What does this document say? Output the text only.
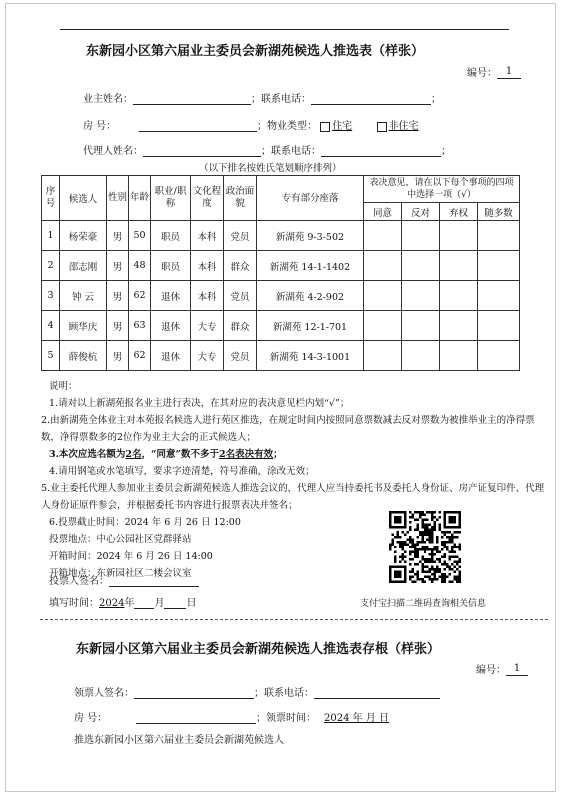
东新园小区第六届业主委员会新湖苑候选人推选表（样张）
编号： 1
业主姓名：	；联系电话：	；
房 号：	；物业类型： 住宅	非住宅
代理人姓名：	；联系电话：	；
（以下排名按姓氏笔划顺序排列）
序号	候选人	性别	年龄	职业/职称	文化程度	政治面貌	专有部分座落	表决意见，请在以下每个事项的四项中选择一项（√）			
								同意	反对	弃权	随多数
1	杨荣豪	男	50	职员	本科	党员	新湖苑 9-3-502				
2	邵志刚	男	48	职员	本科	群众	新湖苑 14-1-1402				
3	钟 云	男	62	退休	本科	党员	新湖苑 4-2-902				
4	顾华庆	男	63	退休	大专	群众	新湖苑 12-1-701				
5	薛俊杭	男	62	退休	大专	党员	新湖苑 14-3-1001				

说明：

1.请对以上新湖苑报名业主进行表决，在其对应的表决意见栏内划“√”；

2.由新湖苑全体业主对本苑报名候选人进行苑区推选，在规定时间内按照同意票数减去反对票数为被推举业主的净得票数，净得票数多的2位作为业主大会的正式候选人；

3.本次应选名额为2名，“同意”数不多于2名表决有效；

4.请用钢笔或水笔填写，要求字迹清楚，符号准确，涂改无效；

5.业主委托代理人参加业主委员会新湖苑候选人推选会议的，代理人应当持委托书及委托人身份证、房产证复印件、代理人身份证原件参会，并根据委托书内容进行报票表决并签名；

6.投票截止时间：2024 年 6 月 26 日 12:00

投票地点：中心公园社区党群驿站

开箱时间：2024 年 6 月 26 日 14:00

开箱地点：东新园社区二楼会议室

投票人签名：
填写时间：2024年 月 日	支付宝扫描二维码查询相关信息
东新园小区第六届业主委员会新湖苑候选人推选表存根（样张）
编号： 1
领票人签名：	；联系电话：
房 号：	；领票时间： 2024 年 月 日
推选东新园小区第六届业主委员会新湖苑候选人
